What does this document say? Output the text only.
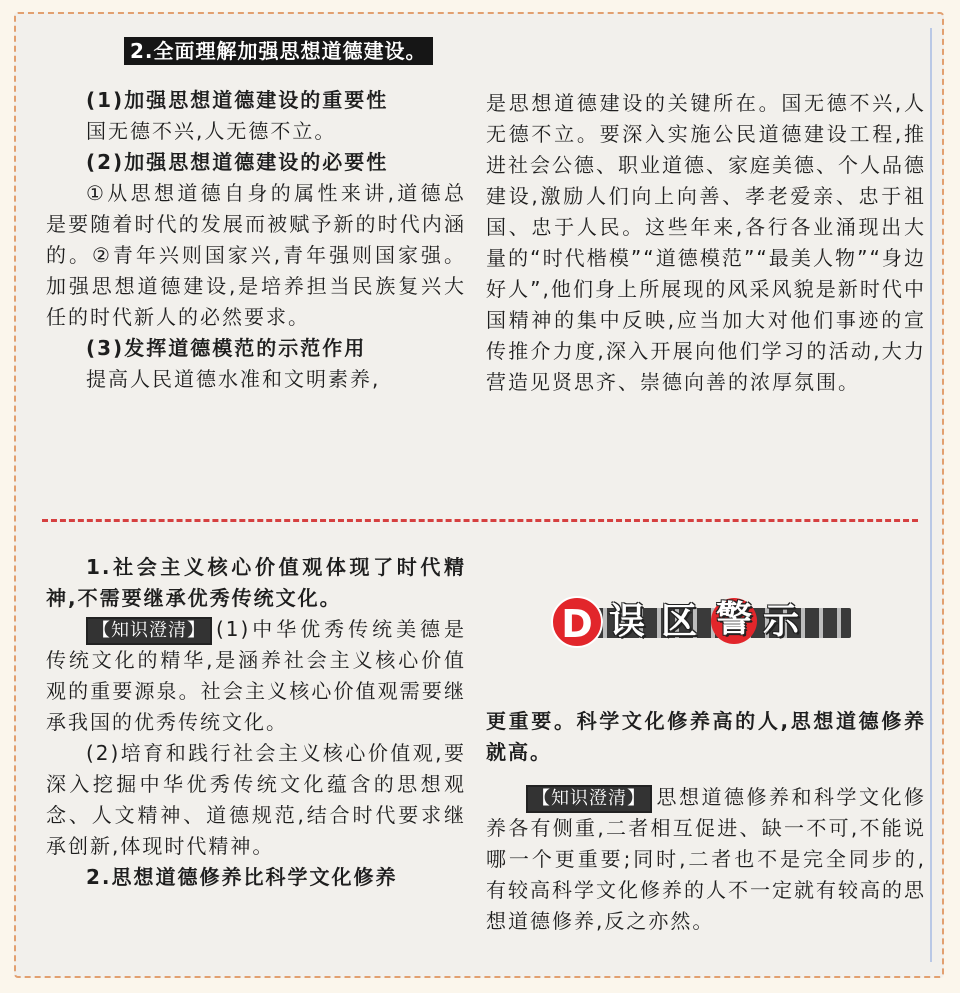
2.全面理解加强思想道德建设。

(1)加强思想道德建设的重要性

国无德不兴,人无德不立。

(2)加强思想道德建设的必要性

①从思想道德自身的属性来讲,道德总是要随着时代的发展而被赋予新的时代内涵的。②青年兴则国家兴,青年强则国家强。加强思想道德建设,是培养担当民族复兴大任的时代新人的必然要求。

(3)发挥道德模范的示范作用

提高人民道德水准和文明素养,

是思想道德建设的关键所在。国无德不兴,人无德不立。要深入实施公民道德建设工程,推进社会公德、职业道德、家庭美德、个人品德建设,激励人们向上向善、孝老爱亲、忠于祖国、忠于人民。这些年来,各行各业涌现出大量的“时代楷模”“道德模范”“最美人物”“身边好人”,他们身上所展现的风采风貌是新时代中国精神的集中反映,应当加大对他们事迹的宣传推介力度,深入开展向他们学习的活动,大力营造见贤思齐、崇德向善的浓厚氛围。

1.社会主义核心价值观体现了时代精神,不需要继承优秀传统文化。

【知识澄清】 (1)中华优秀传统美德是传统文化的精华,是涵养社会主义核心价值观的重要源泉。社会主义核心价值观需要继承我国的优秀传统文化。

(2)培育和践行社会主义核心价值观,要深入挖掘中华优秀传统文化蕴含的思想观念、人文精神、道德规范,结合时代要求继承创新,体现时代精神。

2.思想道德修养比科学文化修养

D 误 区 警 示

更重要。科学文化修养高的人,思想道德修养就高。

【知识澄清】 思想道德修养和科学文化修养各有侧重,二者相互促进、缺一不可,不能说哪一个更重要;同时,二者也不是完全同步的,有较高科学文化修养的人不一定就有较高的思想道德修养,反之亦然。
